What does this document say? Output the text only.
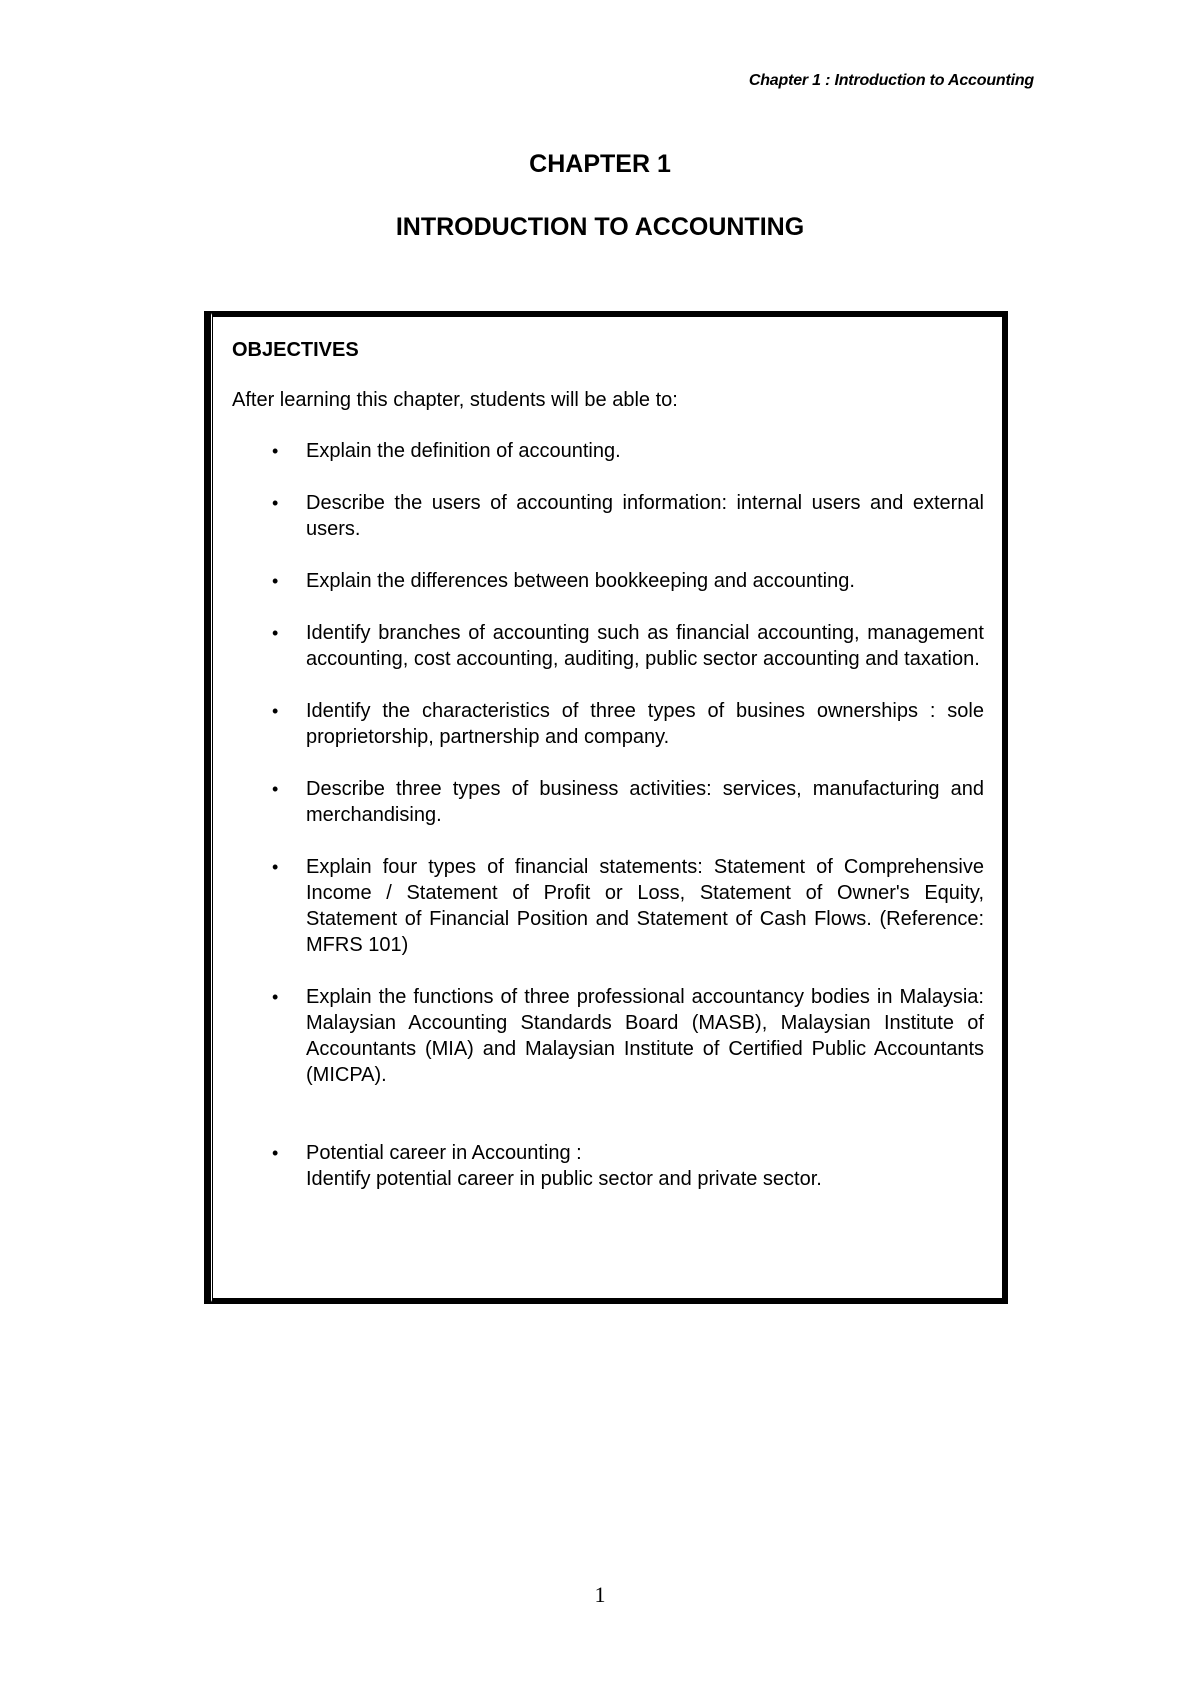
Chapter 1 : Introduction to Accounting
CHAPTER 1
INTRODUCTION TO ACCOUNTING
OBJECTIVES
After learning this chapter, students will be able to:
• Explain the definition of accounting.
• Describe the users of accounting information: internal users and external users.
• Explain the differences between bookkeeping and accounting.
• Identify branches of accounting such as financial accounting, management accounting, cost accounting, auditing, public sector accounting and taxation.
• Identify the characteristics of three types of busines ownerships : sole proprietorship, partnership and company.
• Describe three types of business activities: services, manufacturing and merchandising.
• Explain four types of financial statements: Statement of Comprehensive Income / Statement of Profit or Loss, Statement of Owner's Equity, Statement of Financial Position and Statement of Cash Flows. (Reference: MFRS 101)
• Explain the functions of three professional accountancy bodies in Malaysia: Malaysian Accounting Standards Board (MASB), Malaysian Institute of Accountants (MIA) and Malaysian Institute of Certified Public Accountants (MICPA).
• Potential career in Accounting :
Identify potential career in public sector and private sector.
1
